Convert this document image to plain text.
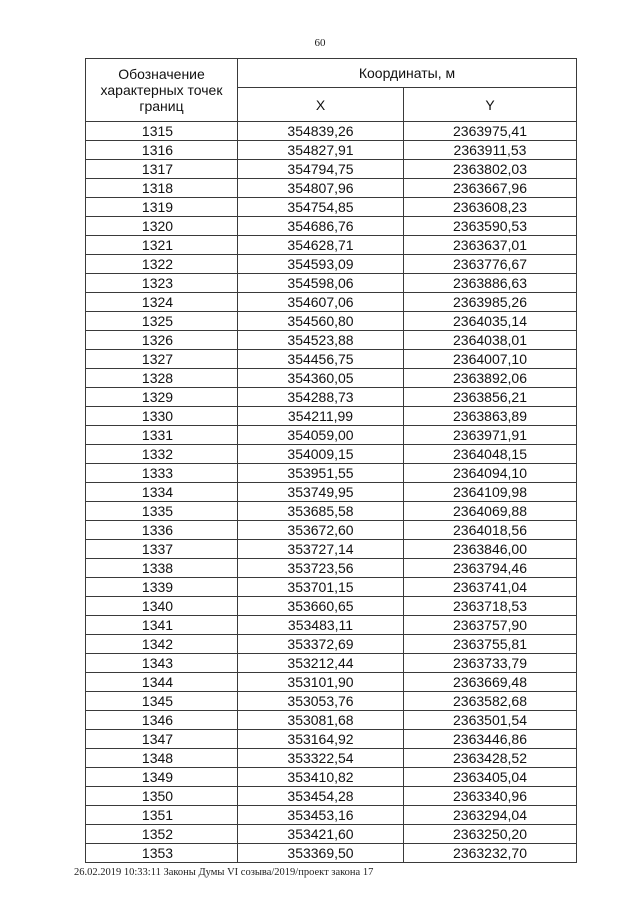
60
Обозначение характерных точек границ	Координаты, м	
	X	Y
1315	354839,26	2363975,41
1316	354827,91	2363911,53
1317	354794,75	2363802,03
1318	354807,96	2363667,96
1319	354754,85	2363608,23
1320	354686,76	2363590,53
1321	354628,71	2363637,01
1322	354593,09	2363776,67
1323	354598,06	2363886,63
1324	354607,06	2363985,26
1325	354560,80	2364035,14
1326	354523,88	2364038,01
1327	354456,75	2364007,10
1328	354360,05	2363892,06
1329	354288,73	2363856,21
1330	354211,99	2363863,89
1331	354059,00	2363971,91
1332	354009,15	2364048,15
1333	353951,55	2364094,10
1334	353749,95	2364109,98
1335	353685,58	2364069,88
1336	353672,60	2364018,56
1337	353727,14	2363846,00
1338	353723,56	2363794,46
1339	353701,15	2363741,04
1340	353660,65	2363718,53
1341	353483,11	2363757,90
1342	353372,69	2363755,81
1343	353212,44	2363733,79
1344	353101,90	2363669,48
1345	353053,76	2363582,68
1346	353081,68	2363501,54
1347	353164,92	2363446,86
1348	353322,54	2363428,52
1349	353410,82	2363405,04
1350	353454,28	2363340,96
1351	353453,16	2363294,04
1352	353421,60	2363250,20
1353	353369,50	2363232,70
26.02.2019 10:33:11 Законы Думы VI созыва/2019/проект закона 17
